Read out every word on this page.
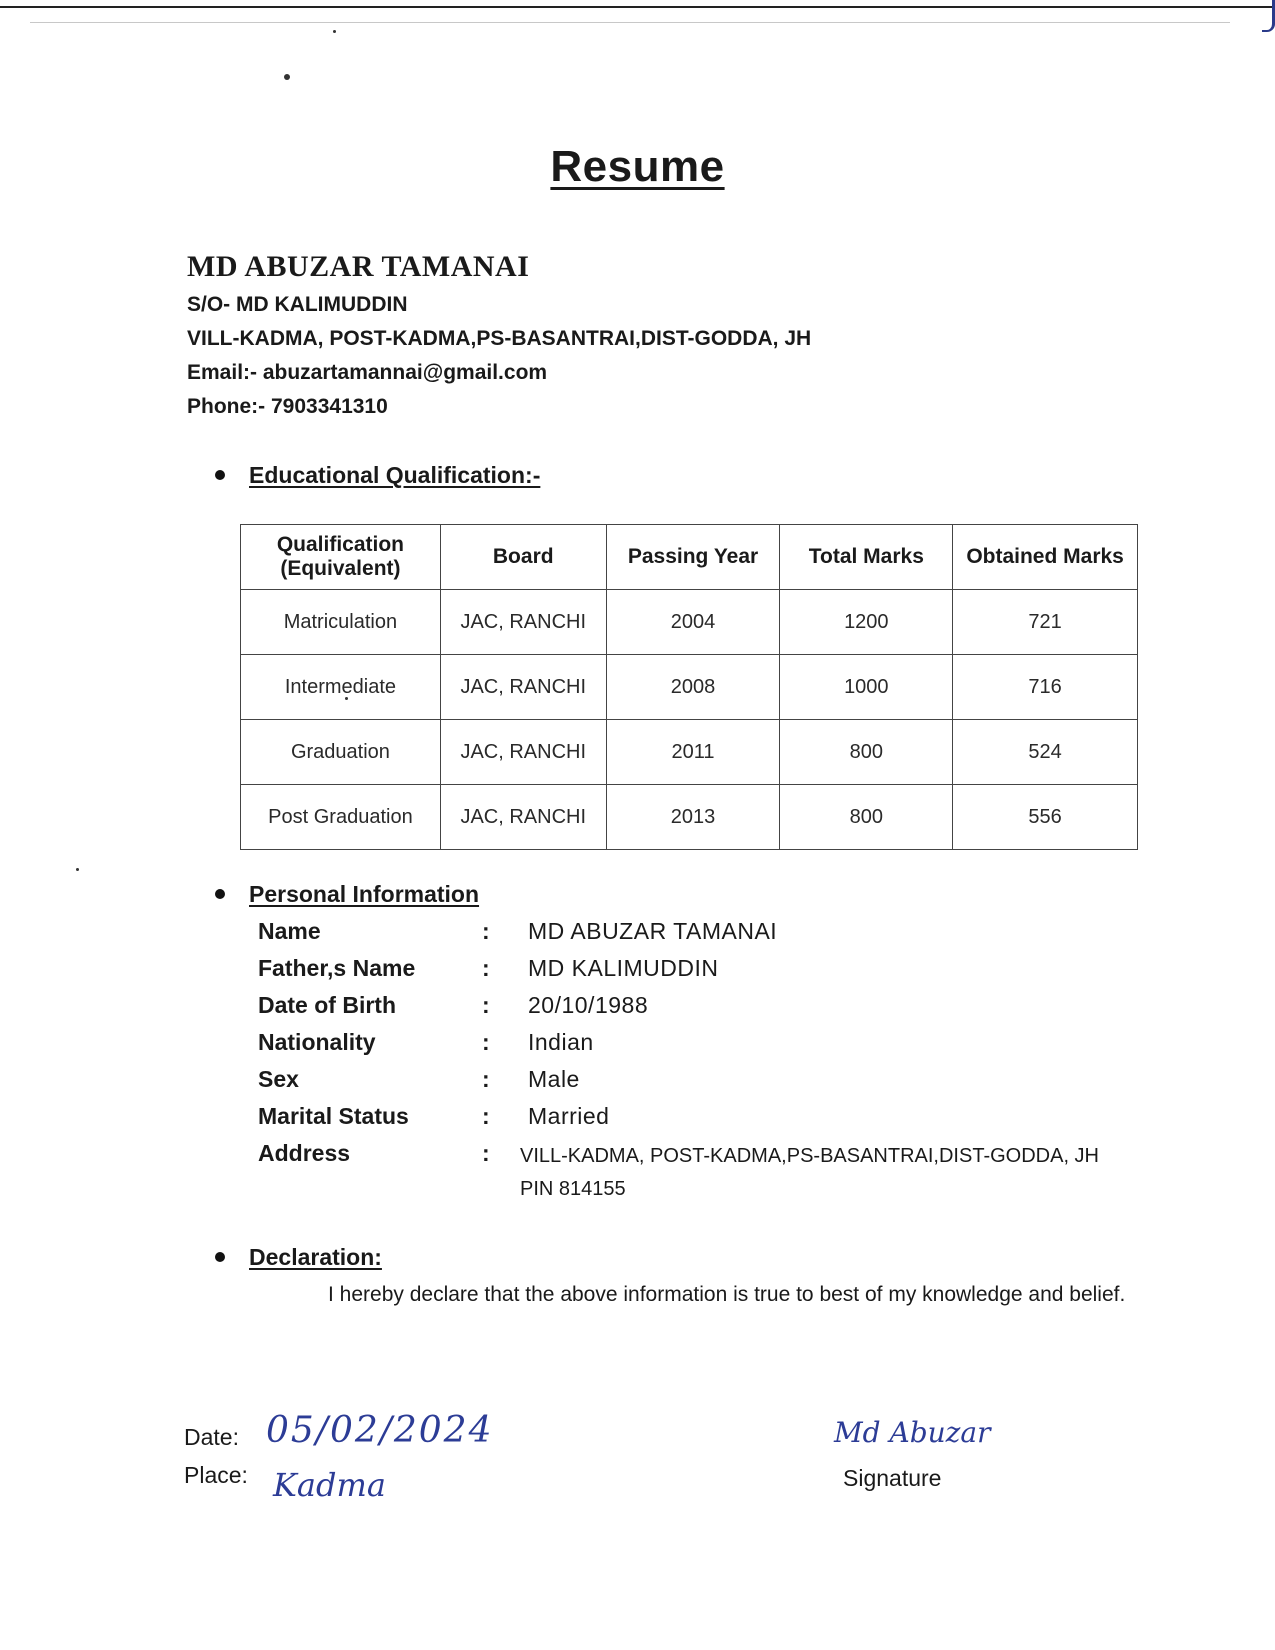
Resume
MD ABUZAR TAMANAI
S/O- MD KALIMUDDIN
VILL-KADMA, POST-KADMA,PS-BASANTRAI,DIST-GODDA, JH
Email:- abuzartamannai@gmail.com
Phone:- 7903341310
Educational Qualification:-
Qualification (Equivalent)	Board	Passing Year	Total Marks	Obtained Marks
Matriculation	JAC, RANCHI	2004	1200	721
Intermediate	JAC, RANCHI	2008	1000	716
Graduation	JAC, RANCHI	2011	800	524
Post Graduation	JAC, RANCHI	2013	800	556
Personal Information
Name	: MD ABUZAR TAMANAI
Father,s Name	: MD KALIMUDDIN
Date of Birth	: 20/10/1988
Nationality	: Indian
Sex	: Male
Marital Status	: Married
Address	: VILL-KADMA, POST-KADMA,PS-BASANTRAI,DIST-GODDA, JH
PIN 814155
Declaration:
I hereby declare that the above information is true to best of my knowledge and belief.
Date: 05/02/2024
Place: Kadma
Md Abuzar
Signature
